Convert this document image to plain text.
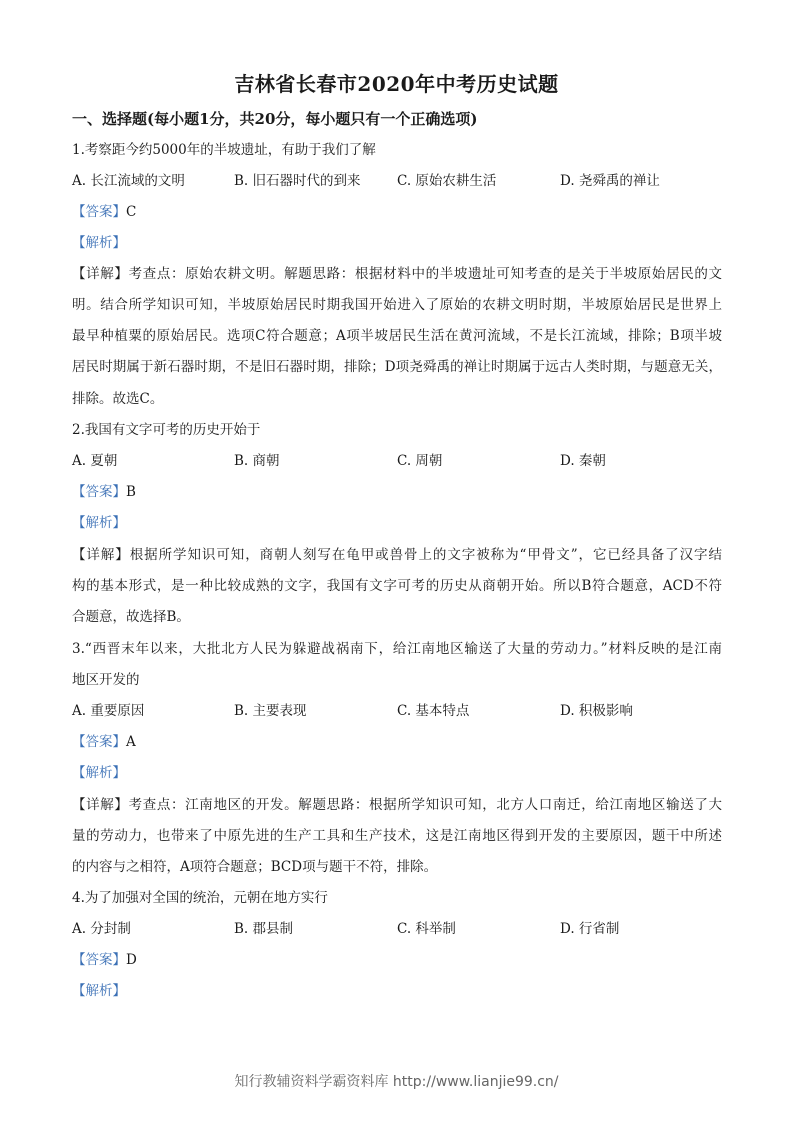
吉林省长春市2020年中考历史试题
一、选择题(每小题1分，共20分，每小题只有一个正确选项)
1.考察距今约5000年的半坡遗址，有助于我们了解
A. 长江流域的文明	B. 旧石器时代的到来	C. 原始农耕生活	D. 尧舜禹的禅让
【答案】C
【解析】
【详解】考查点：原始农耕文明。解题思路：根据材料中的半坡遗址可知考查的是关于半坡原始居民的文
明。结合所学知识可知，半坡原始居民时期我国开始进入了原始的农耕文明时期，半坡原始居民是世界上
最早种植粟的原始居民。选项C符合题意；A项半坡居民生活在黄河流域，不是长江流域，排除；B项半坡
居民时期属于新石器时期，不是旧石器时期，排除；D项尧舜禹的禅让时期属于远古人类时期，与题意无关，
排除。故选C。
2.我国有文字可考的历史开始于
A. 夏朝	B. 商朝	C. 周朝	D. 秦朝
【答案】B
【解析】
【详解】根据所学知识可知，商朝人刻写在龟甲或兽骨上的文字被称为“甲骨文”，它已经具备了汉字结
构的基本形式，是一种比较成熟的文字，我国有文字可考的历史从商朝开始。所以B符合题意，ACD不符
合题意，故选择B。
3.“西晋末年以来，大批北方人民为躲避战祸南下，给江南地区输送了大量的劳动力。”材料反映的是江南
地区开发的
A. 重要原因	B. 主要表现	C. 基本特点	D. 积极影响
【答案】A
【解析】
【详解】考查点：江南地区的开发。解题思路：根据所学知识可知，北方人口南迁，给江南地区输送了大
量的劳动力，也带来了中原先进的生产工具和生产技术，这是江南地区得到开发的主要原因，题干中所述
的内容与之相符，A项符合题意；BCD项与题干不符，排除。
4.为了加强对全国的统治，元朝在地方实行
A. 分封制	B. 郡县制	C. 科举制	D. 行省制
【答案】D
【解析】
知行教辅资料学霸资料库 http://www.lianjie99.cn/
